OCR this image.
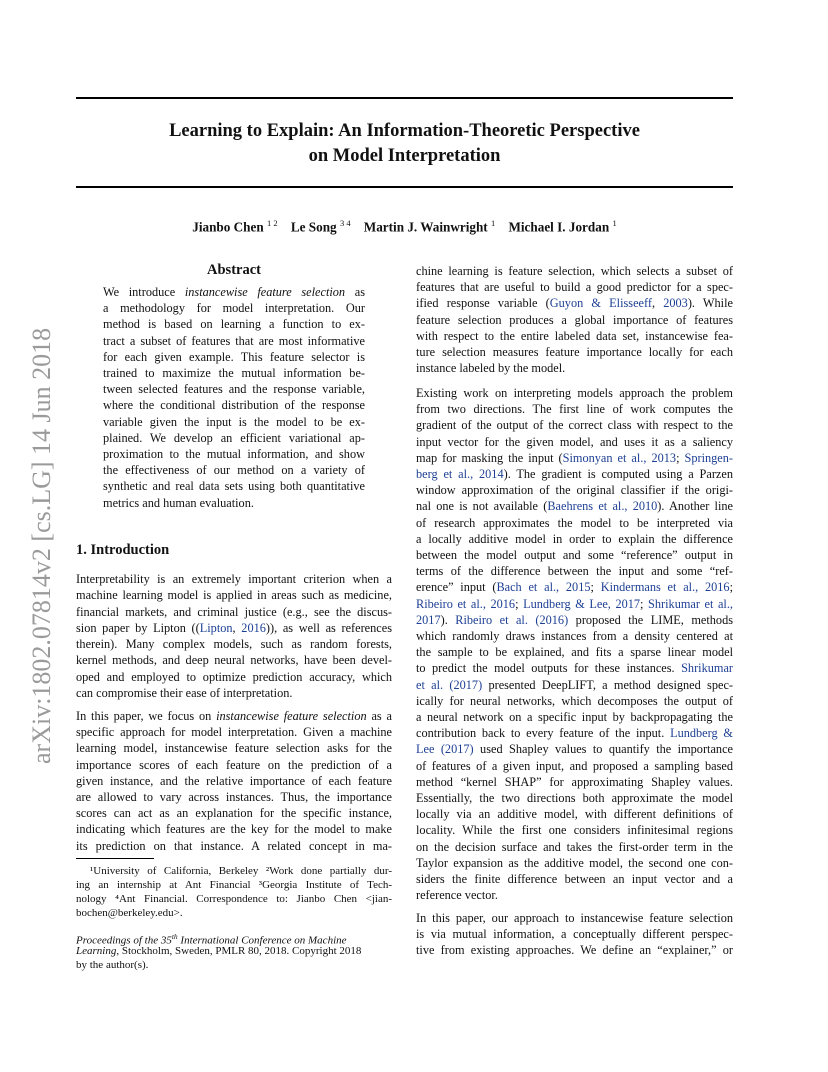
Learning to Explain: An Information-Theoretic Perspective
on Model Interpretation
Jianbo Chen $^{1 2}$ Le Song $^{3 4}$ Martin J. Wainwright $^1$ Michael I. Jordan $^1$
arXiv:1802.07814v2 [cs.LG] 14 Jun 2018
Abstract
We introduce instancewise feature selection as
a methodology for model interpretation. Our
method is based on learning a function to ex-
tract a subset of features that are most informative
for each given example. This feature selector is
trained to maximize the mutual information be-
tween selected features and the response variable,
where the conditional distribution of the response
variable given the input is the model to be ex-
plained. We develop an efficient variational ap-
proximation to the mutual information, and show
the effectiveness of our method on a variety of
synthetic and real data sets using both quantitative
metrics and human evaluation.
1. Introduction
Interpretability is an extremely important criterion when a
machine learning model is applied in areas such as medicine,
financial markets, and criminal justice (e.g., see the discus-
sion paper by Lipton ((Lipton, 2016)), as well as references
therein). Many complex models, such as random forests,
kernel methods, and deep neural networks, have been devel-
oped and employed to optimize prediction accuracy, which
can compromise their ease of interpretation.
In this paper, we focus on instancewise feature selection as a
specific approach for model interpretation. Given a machine
learning model, instancewise feature selection asks for the
importance scores of each feature on the prediction of a
given instance, and the relative importance of each feature
are allowed to vary across instances. Thus, the importance
scores can act as an explanation for the specific instance,
indicating which features are the key for the model to make
its prediction on that instance. A related concept in ma-
¹University of California, Berkeley ²Work done partially dur-
ing an internship at Ant Financial ³Georgia Institute of Tech-
nology ⁴Ant Financial. Correspondence to: Jianbo Chen <jian-
bochen@berkeley.edu>.
Proceedings of the 35th International Conference on Machine
Learning, Stockholm, Sweden, PMLR 80, 2018. Copyright 2018
by the author(s).
chine learning is feature selection, which selects a subset of
features that are useful to build a good predictor for a spec-
ified response variable (Guyon & Elisseeff, 2003). While
feature selection produces a global importance of features
with respect to the entire labeled data set, instancewise fea-
ture selection measures feature importance locally for each
instance labeled by the model.
Existing work on interpreting models approach the problem
from two directions. The first line of work computes the
gradient of the output of the correct class with respect to the
input vector for the given model, and uses it as a saliency
map for masking the input (Simonyan et al., 2013; Springen-
berg et al., 2014). The gradient is computed using a Parzen
window approximation of the original classifier if the origi-
nal one is not available (Baehrens et al., 2010). Another line
of research approximates the model to be interpreted via
a locally additive model in order to explain the difference
between the model output and some “reference” output in
terms of the difference between the input and some “ref-
erence” input (Bach et al., 2015; Kindermans et al., 2016;
Ribeiro et al., 2016; Lundberg & Lee, 2017; Shrikumar et al.,
2017). Ribeiro et al. (2016) proposed the LIME, methods
which randomly draws instances from a density centered at
the sample to be explained, and fits a sparse linear model
to predict the model outputs for these instances. Shrikumar
et al. (2017) presented DeepLIFT, a method designed spec-
ically for neural networks, which decomposes the output of
a neural network on a specific input by backpropagating the
contribution back to every feature of the input. Lundberg &
Lee (2017) used Shapley values to quantify the importance
of features of a given input, and proposed a sampling based
method “kernel SHAP” for approximating Shapley values.
Essentially, the two directions both approximate the model
locally via an additive model, with different definitions of
locality. While the first one considers infinitesimal regions
on the decision surface and takes the first-order term in the
Taylor expansion as the additive model, the second one con-
siders the finite difference between an input vector and a
reference vector.
In this paper, our approach to instancewise feature selection
is via mutual information, a conceptually different perspec-
tive from existing approaches. We define an “explainer,” or
